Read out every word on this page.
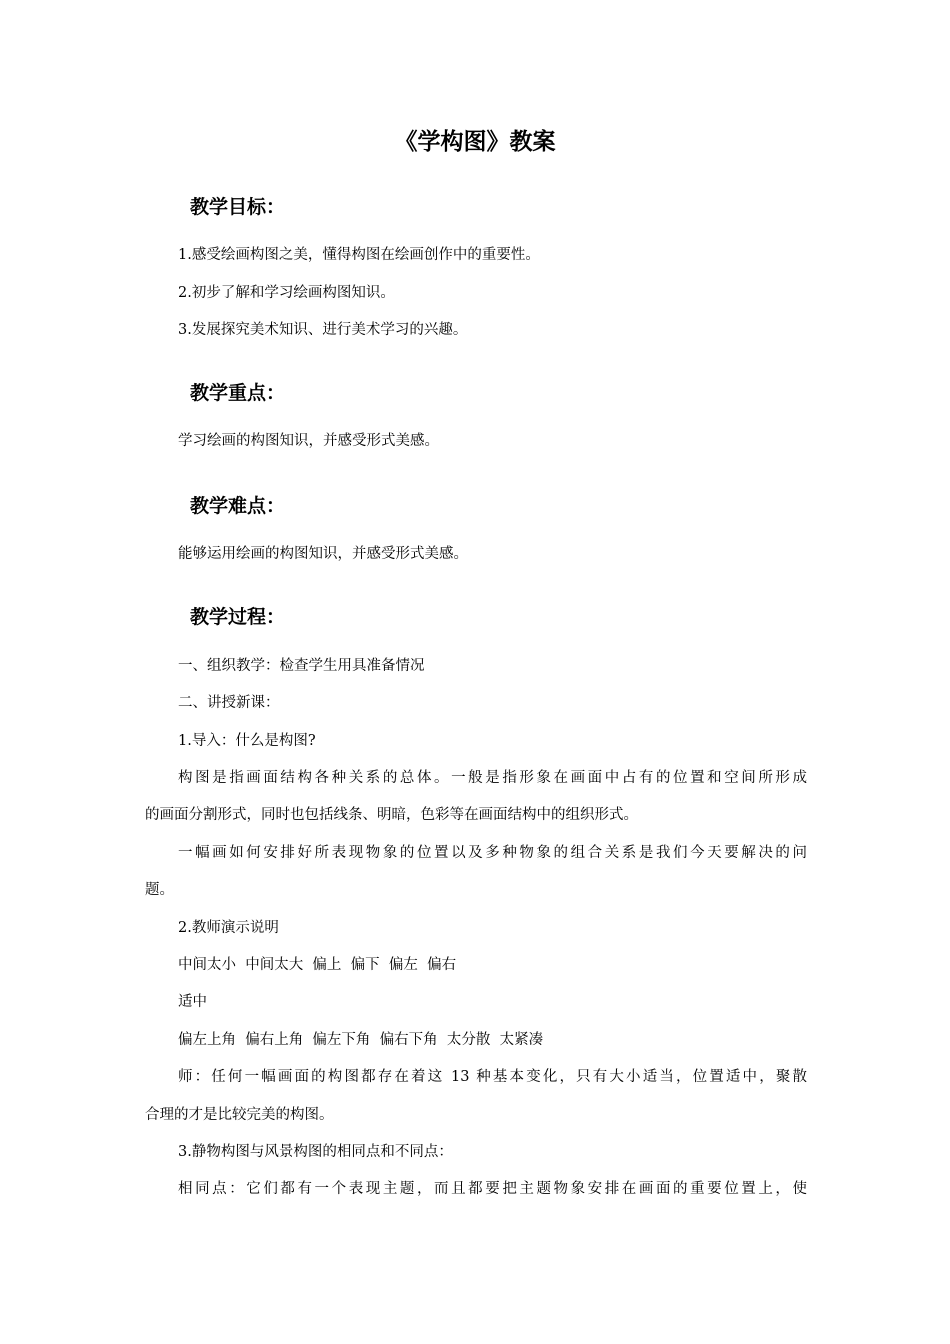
《学构图》教案
教学目标：

1.感受绘画构图之美，懂得构图在绘画创作中的重要性。

2.初步了解和学习绘画构图知识。

3.发展探究美术知识、进行美术学习的兴趣。

教学重点：

学习绘画的构图知识，并感受形式美感。

教学难点：

能够运用绘画的构图知识，并感受形式美感。

教学过程：

一、组织教学：检查学生用具准备情况

二、讲授新课：

1.导入：什么是构图?

构图是指画面结构各种关系的总体。一般是指形象在画面中占有的位置和空间所形成

的画面分割形式，同时也包括线条、明暗，色彩等在画面结构中的组织形式。

一幅画如何安排好所表现物象的位置以及多种物象的组合关系是我们今天要解决的问

题。

2.教师演示说明

中间太小  中间太大  偏上  偏下  偏左  偏右

适中

偏左上角  偏右上角  偏左下角  偏右下角  太分散  太紧凑

师：任何一幅画面的构图都存在着这 13 种基本变化，只有大小适当，位置适中，聚散

合理的才是比较完美的构图。

3.静物构图与风景构图的相同点和不同点：

相同点：它们都有一个表现主题，而且都要把主题物象安排在画面的重要位置上，使
